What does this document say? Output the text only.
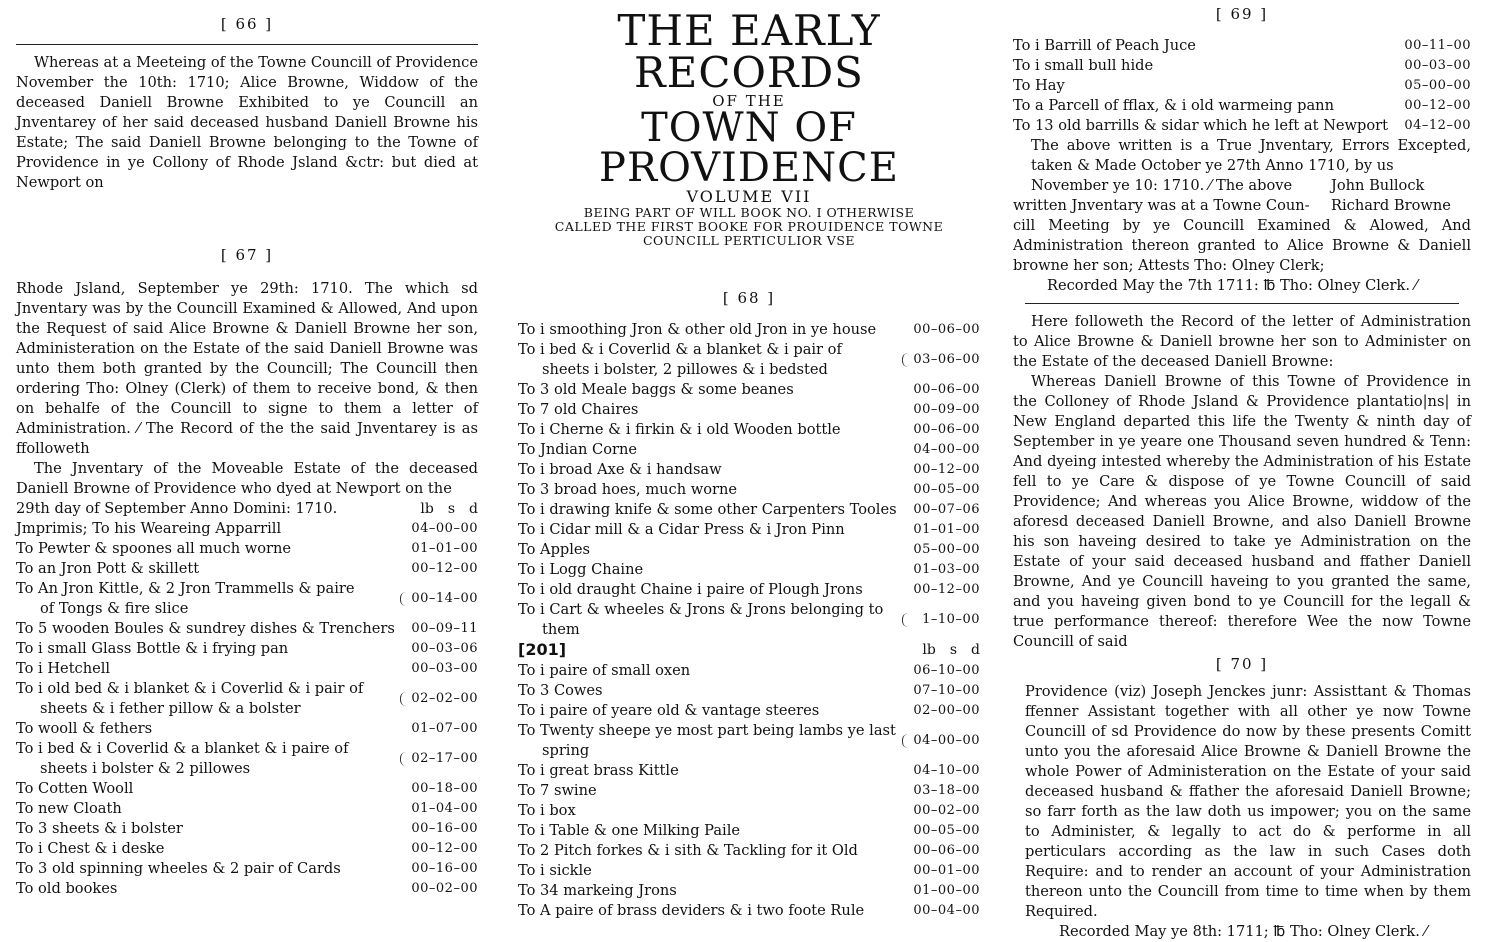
[ 66 ]

Whereas at a Meeteing of the Towne Councill of Providence November the 10th: 1710; Alice Browne, Widdow of the deceased Daniell Browne Exhibited to ye Councill an Jnventarey of her said deceased husband Daniell Browne his Estate; The said Daniell Browne belonging to the Towne of Providence in ye Collony of Rhode Jsland &ctr: but died at Newport on

[ 67 ]

Rhode Jsland, September ye 29th: 1710. The which sd Jnventary was by the Councill Examined & Allowed, And upon the Request of said Alice Browne & Daniell Browne her son, Administeration on the Estate of the said Daniell Browne was unto them both granted by the Councill; The Councill then ordering Tho: Olney (Clerk) of them to receive bond, & then on behalfe of the Councill to signe to them a letter of Administration. ⁄ The Record of the the said Jnventarey is as ffolloweth

The Jnventary of the Moveable Estate of the deceased Daniell Browne of Providence who dyed at Newport on the

29th day of September Anno Domini: 1710.	lb s d
Jmprimis; To his Weareing Apparrill	04–00–00
To Pewter & spoones all much worne	01–01–00
To an Jron Pott & skillett	00–12–00
To An Jron Kittle, & 2 Jron Trammells & paire
of Tongs & fire slice
00–14–00
To 5 wooden Boules & sundrey dishes & Trenchers	00–09–11
To i small Glass Bottle & i frying pan	00–03–06
To i Hetchell	00–03–00
To i old bed & i blanket & i Coverlid & i pair of
sheets & i fether pillow & a bolster
02–02–00
To wooll & fethers	01–07–00
To i bed & i Coverlid & a blanket & i paire of
sheets i bolster & 2 pillowes
02–17–00
To Cotten Wooll	00–18–00
To new Cloath	01–04–00
To 3 sheets & i bolster	00–16–00
To i Chest & i deske	00–12–00
To 3 old spinning wheeles & 2 pair of Cards	00–16–00
To old bookes	00–02–00
THE EARLY RECORDS
OF THE
TOWN OF PROVIDENCE
VOLUME VII
BEING PART OF WILL BOOK NO. I OTHERWISE CALLED THE FIRST BOOKE FOR PROUIDENCE TOWNE COUNCILL PERTICULIOR VSE
[ 68 ]
To i smoothing Jron & other old Jron in ye house	00–06–00
To i bed & i Coverlid & a blanket & i pair of
sheets i bolster, 2 pillowes & i bedsted
03–06–00
To 3 old Meale baggs & some beanes	00–06–00
To 7 old Chaires	00–09–00
To i Cherne & i firkin & i old Wooden bottle	00–06–00
To Jndian Corne	04–00–00
To i broad Axe & i handsaw	00–12–00
To 3 broad hoes, much worne	00–05–00
To i drawing knife & some other Carpenters Tooles	00–07–06
To i Cidar mill & a Cidar Press & i Jron Pinn	01–01–00
To Apples	05–00–00
To i Logg Chaine	01–03–00
To i old draught Chaine i paire of Plough Jrons	00–12–00
To i Cart & wheeles & Jrons & Jrons belonging to
them
1–10–00
[201]	lb s d
To i paire of small oxen	06–10–00
To 3 Cowes	07–10–00
To i paire of yeare old & vantage steeres	02–00–00
To Twenty sheepe ye most part being lambs ye last
spring
04–00–00
To i great brass Kittle	04–10–00
To 7 swine	03–18–00
To i box	00–02–00
To i Table & one Milking Paile	00–05–00
To 2 Pitch forkes & i sith & Tackling for it Old	00–06–00
To i sickle	00–01–00
To 34 markeing Jrons	01–00–00
To A paire of brass deviders & i two foote Rule	00–04–00
[ 69 ]
To i Barrill of Peach Juce	00–11–00
To i small bull hide	00–03–00
To Hay	05–00–00
To a Parcell of fflax, & i old warmeing pann	00–12–00
To 13 old barrills & sidar which he left at Newport	04–12–00

The above written is a True Jnventary, Errors Excepted, taken & Made October ye 27th Anno 1710, by us

November ye 10: 1710. ⁄ The above	John Bullock
written Jnventary was at a Towne Coun- Richard Browne

cill Meeting by ye Councill Examined & Alowed, And Administration thereon granted to Alice Browne & Daniell browne her son; Attests Tho: Olney Clerk;

Recorded May the 7th 1711: ℔ Tho: Olney Clerk. ⁄

Here followeth the Record of the letter of Administration to Alice Browne & Daniell browne her son to Administer on the Estate of the deceased Daniell Browne:

Whereas Daniell Browne of this Towne of Providence in the Colloney of Rhode Jsland & Providence plantatio|ns| in New England departed this life the Twenty & ninth day of September in ye yeare one Thousand seven hundred & Tenn: And dyeing intested whereby the Administration of his Estate fell to ye Care & dispose of ye Towne Councill of said Providence; And whereas you Alice Browne, widdow of the aforesd deceased Daniell Browne, and also Daniell Browne his son haveing desired to take ye Administration on the Estate of your said deceased husband and ffather Daniell Browne, And ye Councill haveing to you granted the same, and you haveing given bond to ye Councill for the legall & true performance thereof: therefore Wee the now Towne Councill of said

[ 70 ]

Providence (viz) Joseph Jenckes junr: Assisttant & Thomas ffenner Assistant together with all other ye now Towne Councill of sd Providence do now by these presents Comitt unto you the aforesaid Alice Browne & Daniell Browne the whole Power of Administeration on the Estate of your said deceased husband & ffather the aforesaid Daniell Browne; so farr forth as the law doth us impower; you on the same to Administer, & legally to act do & performe in all perticulars according as the law in such Cases doth Require: and to render an account of your Administration thereon unto the Councill from time to time when by them Required.

Recorded May ye 8th: 1711; ℔ Tho: Olney Clerk. ⁄
